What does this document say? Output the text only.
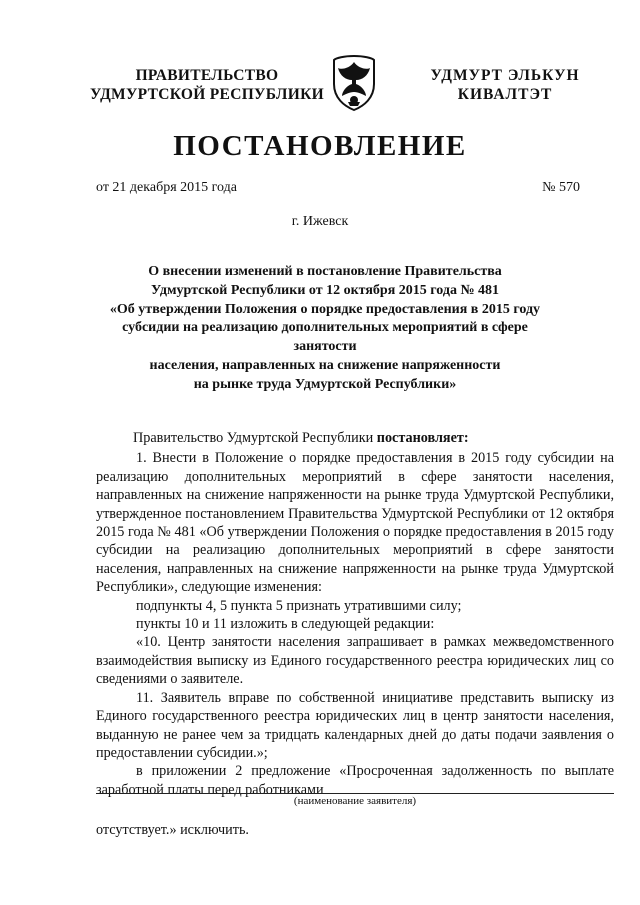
ПРАВИТЕЛЬСТВО
УДМУРТСКОЙ РЕСПУБЛИКИ
УДМУРТ ЭЛЬКУН
КИВАЛТЭТ
ПОСТАНОВЛЕНИЕ
от 21 декабря 2015 года	№ 570
г. Ижевск
О внесении изменений в постановление Правительства
Удмуртской Республики от 12 октября 2015 года № 481
«Об утверждении Положения о порядке предоставления в 2015 году
субсидии на реализацию дополнительных мероприятий в сфере занятости
населения, направленных на снижение напряженности
на рынке труда Удмуртской Республики»

Правительство Удмуртской Республики постановляет:

1. Внести в Положение о порядке предоставления в 2015 году субсидии на реализацию дополнительных мероприятий в сфере занятости населения, направленных на снижение напряженности на рынке труда Удмуртской Республики, утвержденное постановлением Правительства Удмуртской Республики от 12 октября 2015 года № 481 «Об утверждении Положения о порядке предоставления в 2015 году субсидии на реализацию дополнительных мероприятий в сфере занятости населения, направленных на снижение напряженности на рынке труда Удмуртской Республики», следующие изменения:

подпункты 4, 5 пункта 5 признать утратившими силу;

пункты 10 и 11 изложить в следующей редакции:

«10. Центр занятости населения запрашивает в рамках межведомственного взаимодействия выписку из Единого государственного реестра юридических лиц со сведениями о заявителе.

11. Заявитель вправе по собственной инициативе представить выписку из Единого государственного реестра юридических лиц в центр занятости населения, выданную не ранее чем за тридцать календарных дней до даты подачи заявления о предоставлении субсидии.»;

в приложении 2 предложение «Просроченная задолженность по выплате заработной платы перед работниками

(наименование заявителя)
отсутствует.» исключить.
